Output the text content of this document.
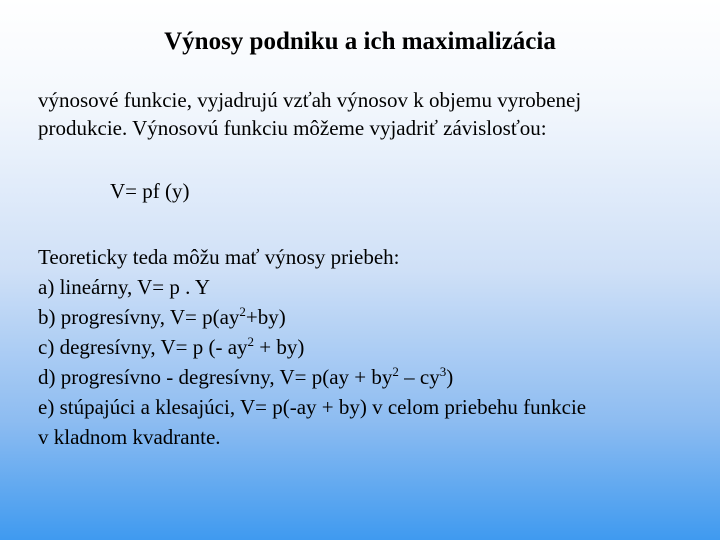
Výnosy podniku a ich maximalizácia
výnosové funkcie, vyjadrujú vzťah výnosov k objemu vyrobenej
produkcie. Výnosovú funkciu môžeme vyjadriť závislosťou:
V= pf (y)
Teoreticky teda môžu mať výnosy priebeh:
a) lineárny, V= p . Y
b) progresívny, $V= p(ay^2+by)$
c) degresívny, V= p (- $ay^2 + by$)
d) progresívno - degresívny, $V= p(ay + by^2 - cy^3)$
e) stúpajúci a klesajúci, V= p(-ay + by) v celom priebehu funkcie
v kladnom kvadrante.
